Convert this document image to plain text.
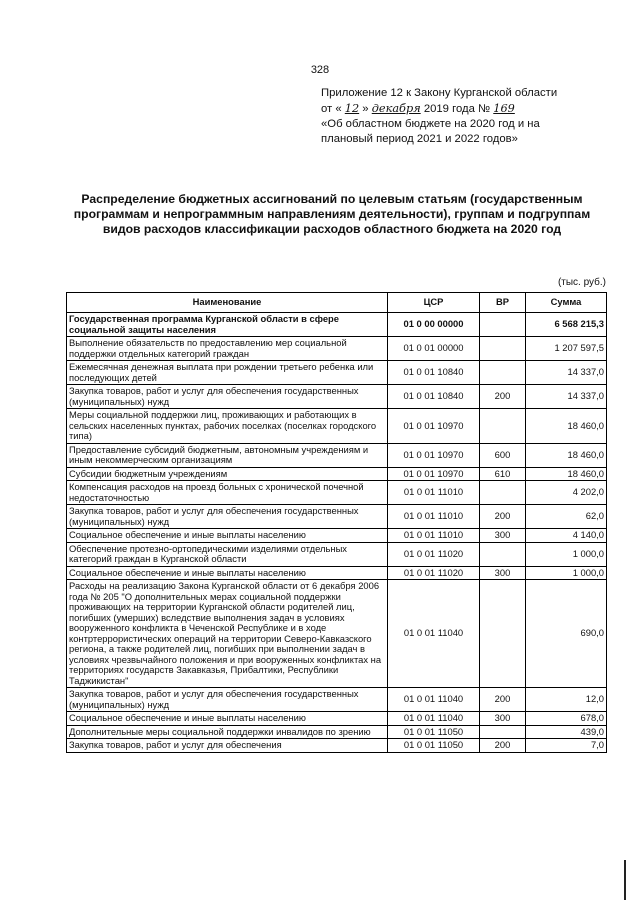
328
Приложение 12 к Закону Курганской области
от « 12 » декабря 2019 года № 169
«Об областном бюджете на 2020 год и на
плановый период 2021 и 2022 годов»
Распределение бюджетных ассигнований по целевым статьям (государственным программам и непрограммным направлениям деятельности), группам и подгруппам видов расходов классификации расходов областного бюджета на 2020 год
(тыс. руб.)
Наименование	ЦСР	ВР	Сумма
Государственная программа Курганской области в сфере социальной защиты населения	01 0 00 00000		6 568 215,3
Выполнение обязательств по предоставлению мер социальной поддержки отдельных категорий граждан	01 0 01 00000		1 207 597,5
Ежемесячная денежная выплата при рождении третьего ребенка или последующих детей	01 0 01 10840		14 337,0
Закупка товаров, работ и услуг для обеспечения государственных (муниципальных) нужд	01 0 01 10840	200	14 337,0
Меры социальной поддержки лиц, проживающих и работающих в сельских населенных пунктах, рабочих поселках (поселках городского типа)	01 0 01 10970		18 460,0
Предоставление субсидий бюджетным, автономным учреждениям и иным некоммерческим организациям	01 0 01 10970	600	18 460,0
Субсидии бюджетным учреждениям	01 0 01 10970	610	18 460,0
Компенсация расходов на проезд больных с хронической почечной недостаточностью	01 0 01 11010		4 202,0
Закупка товаров, работ и услуг для обеспечения государственных (муниципальных) нужд	01 0 01 11010	200	62,0
Социальное обеспечение и иные выплаты населению	01 0 01 11010	300	4 140,0
Обеспечение протезно-ортопедическими изделиями отдельных категорий граждан в Курганской области	01 0 01 11020		1 000,0
Социальное обеспечение и иные выплаты населению	01 0 01 11020	300	1 000,0
Расходы на реализацию Закона Курганской области от 6 декабря 2006 года № 205 "О дополнительных мерах социальной поддержки проживающих на территории Курганской области родителей лиц, погибших (умерших) вследствие выполнения задач в условиях вооруженного конфликта в Чеченской Республике и в ходе контртеррористических операций на территории Северо-Кавказского региона, а также родителей лиц, погибших при выполнении задач в условиях чрезвычайного положения и при вооруженных конфликтах на территориях государств Закавказья, Прибалтики, Республики Таджикистан"	01 0 01 11040		690,0
Закупка товаров, работ и услуг для обеспечения государственных (муниципальных) нужд	01 0 01 11040	200	12,0
Социальное обеспечение и иные выплаты населению	01 0 01 11040	300	678,0
Дополнительные меры социальной поддержки инвалидов по зрению	01 0 01 11050		439,0
Закупка товаров, работ и услуг для обеспечения	01 0 01 11050	200	7,0
